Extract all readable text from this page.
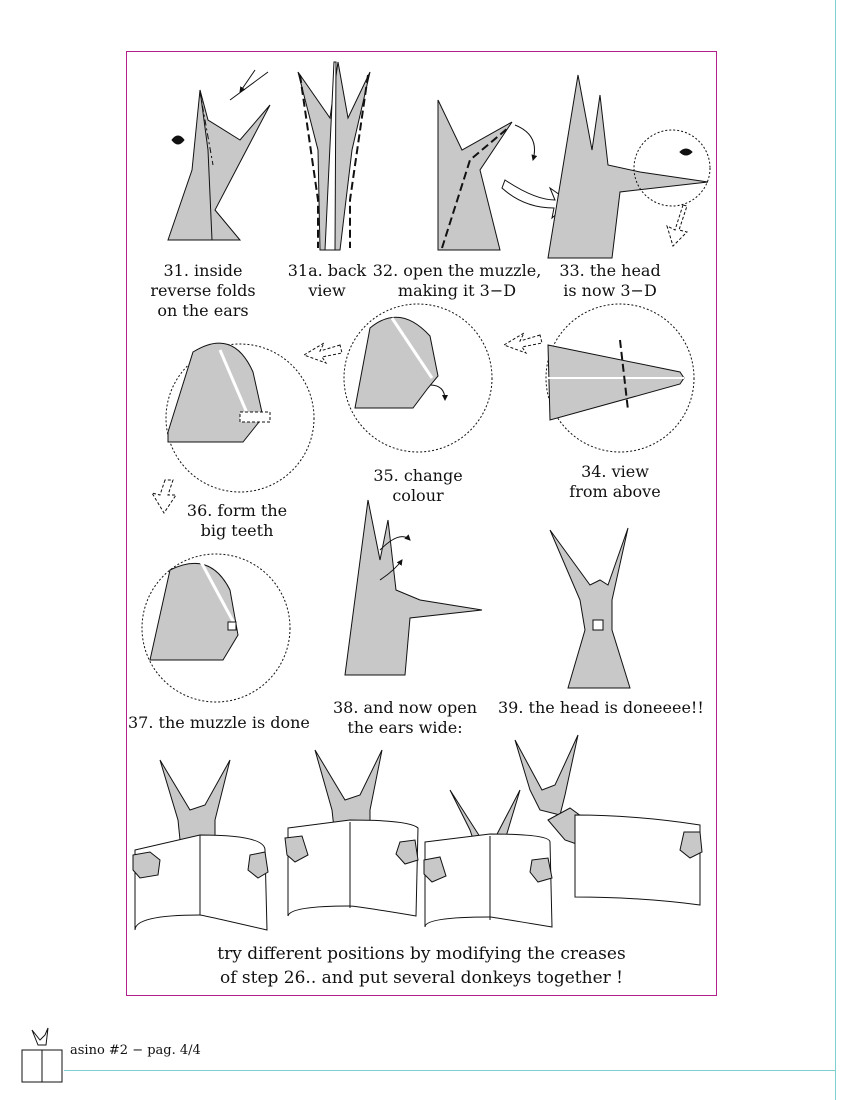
31. inside
reverse folds
on the ears
31a. back
view
32. open the muzzle,
making it 3−D
33. the head
is now 3−D
34. view
from above
35. change
colour
36. form the
big teeth
37. the muzzle is done
38. and now open
the ears wide:
39. the head is doneeee!!
try different positions by modifying the creases
of step 26.. and put several donkeys together !
asino #2 − pag. 4/4
